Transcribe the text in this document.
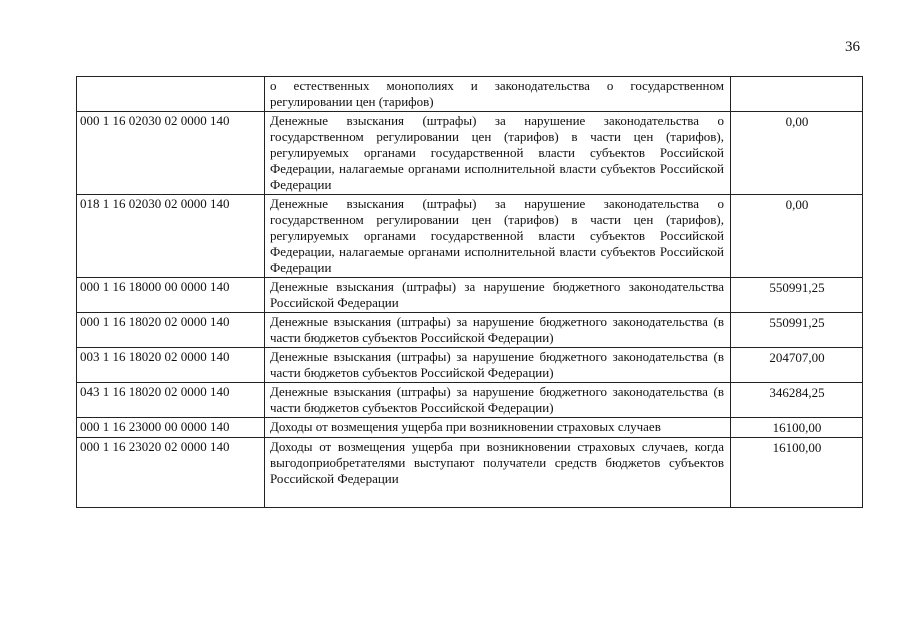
36
	о естественных монополиях и законодательства о государственном регулировании цен (тарифов)	
000 1 16 02030 02 0000 140	Денежные взыскания (штрафы) за нарушение законодательства о государственном регулировании цен (тарифов) в части цен (тарифов), регулируемых органами государственной власти субъектов Российской Федерации, налагаемые органами исполнительной власти субъектов Российской Федерации	0,00
018 1 16 02030 02 0000 140	Денежные взыскания (штрафы) за нарушение законодательства о государственном регулировании цен (тарифов) в части цен (тарифов), регулируемых органами государственной власти субъектов Российской Федерации, налагаемые органами исполнительной власти субъектов Российской Федерации	0,00
000 1 16 18000 00 0000 140	Денежные взыскания (штрафы) за нарушение бюджетного законодательства Российской Федерации	550991,25
000 1 16 18020 02 0000 140	Денежные взыскания (штрафы) за нарушение бюджетного законодательства (в части бюджетов субъектов Российской Федерации)	550991,25
003 1 16 18020 02 0000 140	Денежные взыскания (штрафы) за нарушение бюджетного законодательства (в части бюджетов субъектов Российской Федерации)	204707,00
043 1 16 18020 02 0000 140	Денежные взыскания (штрафы) за нарушение бюджетного законодательства (в части бюджетов субъектов Российской Федерации)	346284,25
000 1 16 23000 00 0000 140	Доходы от возмещения ущерба при возникновении страховых случаев	16100,00
000 1 16 23020 02 0000 140	Доходы от возмещения ущерба при возникновении страховых случаев, когда выгодоприобретателями выступают получатели средств бюджетов субъектов Российской Федерации	16100,00
